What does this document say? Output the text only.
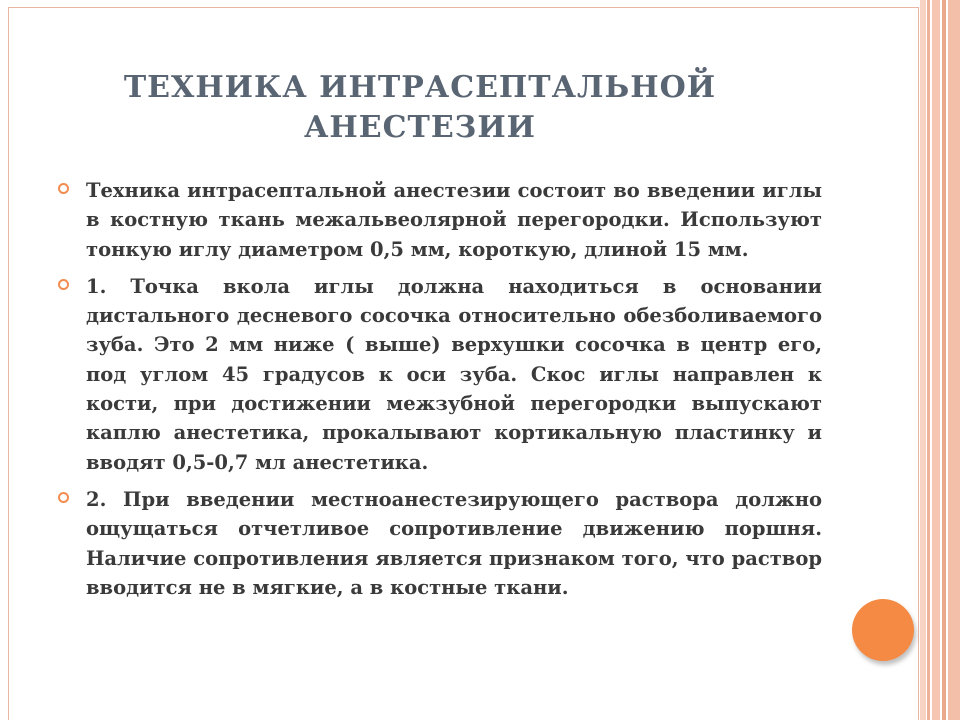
ТЕХНИКА ИНТРАСЕПТАЛЬНОЙ
АНЕСТЕЗИИ
Техника интрасептальной анестезии состоит во введении иглы в костную ткань межальвеолярной перегородки. Используют тонкую иглу диаметром 0,5 мм, короткую, длиной 15 мм.
1. Точка вкола иглы должна находиться в основании дистального десневого сосочка относительно обезболиваемого зуба. Это 2 мм ниже ( выше) верхушки сосочка в центр его, под углом 45 градусов к оси зуба. Скос иглы направлен к кости, при достижении межзубной перегородки выпускают каплю анестетика, прокалывают кортикальную пластинку и вводят 0,5-0,7 мл анестетика.
2. При введении местноанестезирующего раствора должно ощущаться отчетливое сопротивление движению поршня. Наличие сопротивления является признаком того, что раствор вводится не в мягкие, а в костные ткани.
